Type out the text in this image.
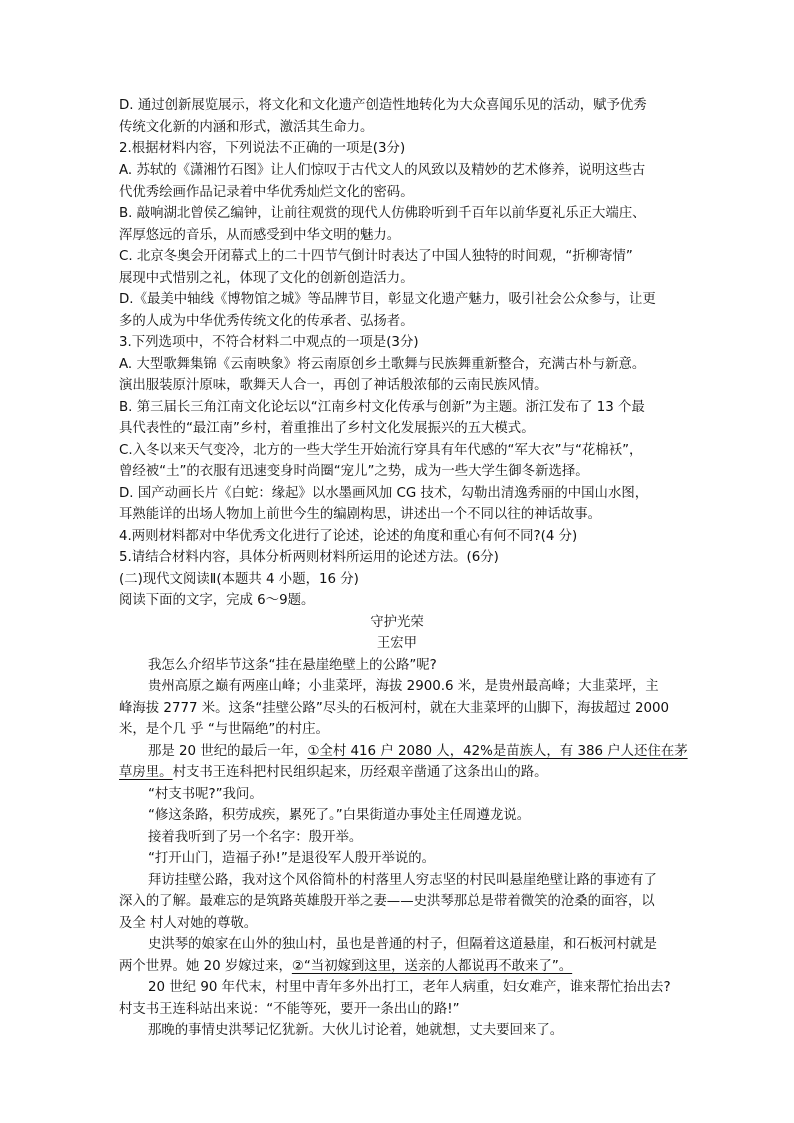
D. 通过创新展览展示，将文化和文化遗产创造性地转化为大众喜闻乐见的活动，赋予优秀

传统文化新的内涵和形式，激活其生命力。

2.根据材料内容，下列说法不正确的一项是(3分)

A. 苏轼的《潇湘竹石图》让人们惊叹于古代文人的风致以及精妙的艺术修养，说明这些古

代优秀绘画作品记录着中华优秀灿烂文化的密码。

B. 敲响湖北曾侯乙编钟，让前往观赏的现代人仿佛聆听到千百年以前华夏礼乐正大端庄、

浑厚悠远的音乐，从而感受到中华文明的魅力。

C. 北京冬奥会开闭幕式上的二十四节气倒计时表达了中国人独特的时间观，“折柳寄情”

展现中式惜别之礼，体现了文化的创新创造活力。

D.《最美中轴线《博物馆之城》等品牌节目，彰显文化遗产魅力，吸引社会公众参与，让更

多的人成为中华优秀传统文化的传承者、弘扬者。

3.下列选项中，不符合材料二中观点的一项是(3分)

A. 大型歌舞集锦《云南映象》将云南原创乡土歌舞与民族舞重新整合，充满古朴与新意。

演出服装原汁原味，歌舞天人合一，再创了神话般浓郁的云南民族风情。

B. 第三届长三角江南文化论坛以“江南乡村文化传承与创新”为主题。浙江发布了 13 个最

具代表性的“最江南”乡村，着重推出了乡村文化发展振兴的五大模式。

C.入冬以来天气变冷，北方的一些大学生开始流行穿具有年代感的“军大衣”与“花棉袄”，

曾经被“土”的衣服有迅速变身时尚圈“宠儿”之势，成为一些大学生御冬新选择。

D. 国产动画长片《白蛇：缘起》以水墨画风加 CG 技术，勾勒出清逸秀丽的中国山水图，

耳熟能详的出场人物加上前世今生的编剧构思，讲述出一个不同以往的神话故事。

4.两则材料都对中华优秀文化进行了论述，论述的角度和重心有何不同?(4 分)

5.请结合材料内容，具体分析两则材料所运用的论述方法。(6分)

(二)现代文阅读Ⅱ(本题共 4 小题，16 分)

阅读下面的文字，完成 6～9题。

守护光荣

王宏甲

我怎么介绍毕节这条“挂在悬崖绝壁上的公路”呢?

贵州高原之巅有两座山峰；小韭菜坪，海拔 2900.6 米，是贵州最高峰；大韭菜坪，主

峰海拔 2777 米。这条“挂壁公路”尽头的石板河村，就在大韭菜坪的山脚下，海拔超过 2000

米，是个几 乎 “与世隔绝”的村庄。

那是 20 世纪的最后一年，①全村 416 户 2080 人，42%是苗族人，有 386 户人还住在茅

草房里。村支书王连科把村民组织起来，历经艰辛凿通了这条出山的路。

“村支书呢?”我问。

“修这条路，积劳成疾，累死了。”白果街道办事处主任周遵龙说。

接着我听到了另一个名字：殷开举。

“打开山门，造福子孙!”是退役军人殷开举说的。

拜访挂壁公路，我对这个风俗简朴的村落里人穷志坚的村民叫悬崖绝壁让路的事迹有了

深入的了解。最难忘的是筑路英雄殷开举之妻——史洪琴那总是带着微笑的沧桑的面容，以

及全 村人对她的尊敬。

史洪琴的娘家在山外的独山村，虽也是普通的村子，但隔着这道悬崖，和石板河村就是

两个世界。她 20 岁嫁过来，②“当初嫁到这里，送亲的人都说再不敢来了”。

20 世纪 90 年代末，村里中青年多外出打工，老年人病重，妇女难产，谁来帮忙抬出去?

村支书王连科站出来说：“不能等死，要开一条出山的路!”

那晚的事情史洪琴记忆犹新。大伙儿讨论着，她就想，丈夫要回来了。
